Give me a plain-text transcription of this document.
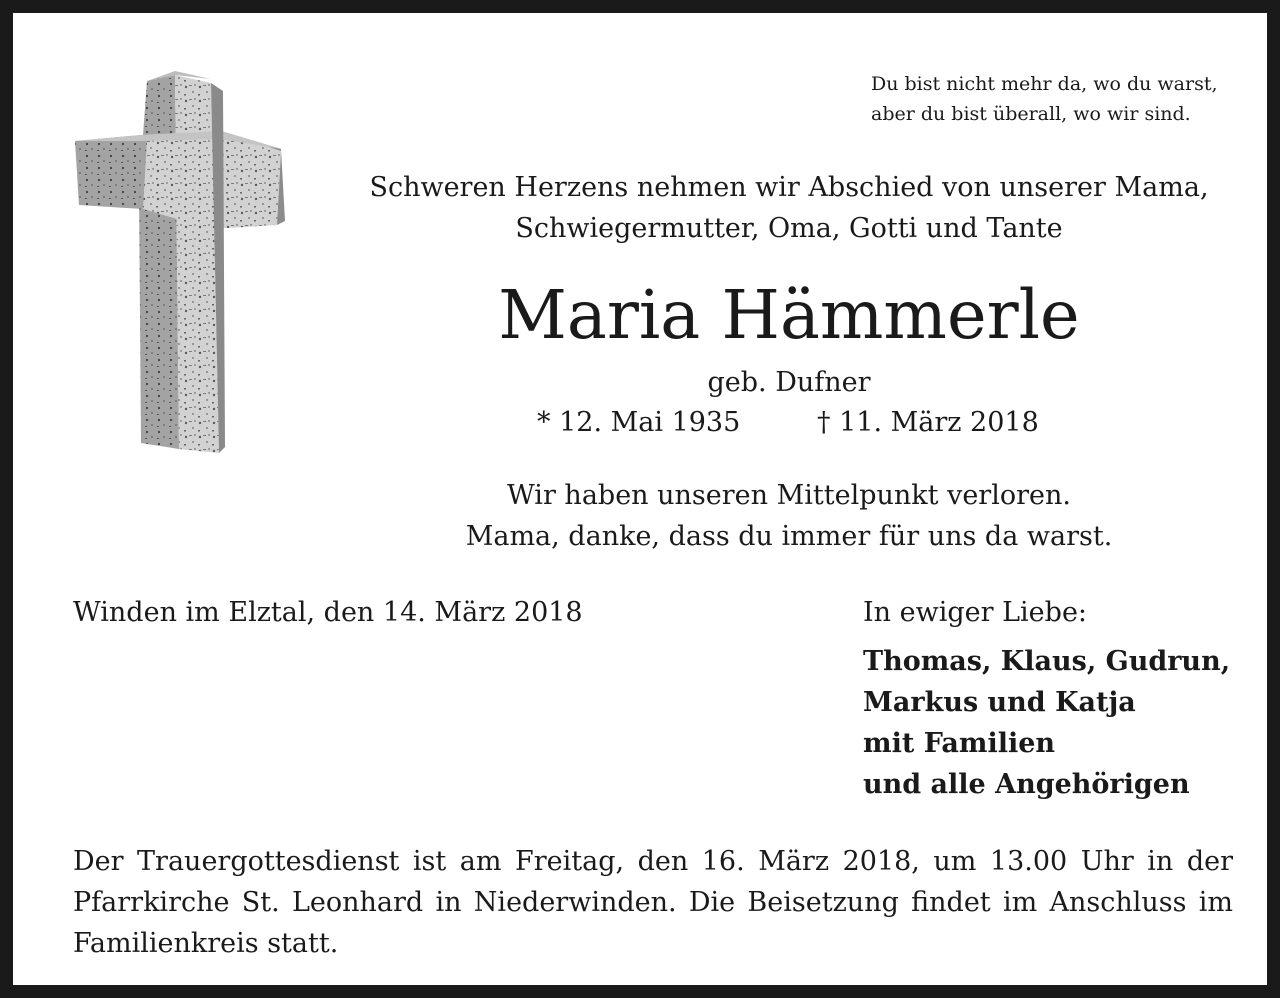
Du bist nicht mehr da, wo du warst,
aber du bist überall, wo wir sind.
Schweren Herzens nehmen wir Abschied von unserer Mama,
Schwiegermutter, Oma, Gotti und Tante
Maria Hämmerle
geb. Dufner
* 12. Mai 1935	† 11. März 2018
Wir haben unseren Mittelpunkt verloren.
Mama, danke, dass du immer für uns da warst.
Winden im Elztal, den 14. März 2018	In ewiger Liebe:
Thomas, Klaus, Gudrun,
Markus und Katja
mit Familien
und alle Angehörigen
Der Trauergottesdienst ist am Freitag, den 16. März 2018, um 13.00 Uhr in der
Pfarrkirche St. Leonhard in Niederwinden. Die Beisetzung findet im Anschluss im
Familienkreis statt.
